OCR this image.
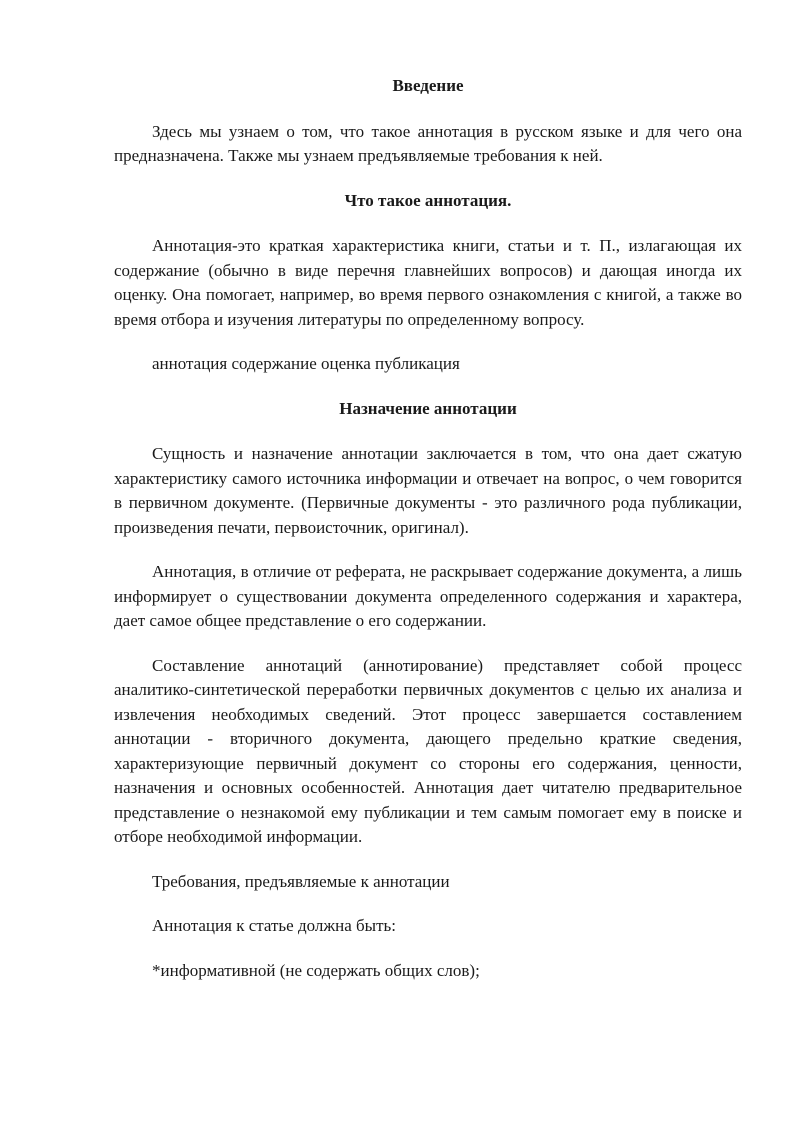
Введение
Здесь мы узнаем о том, что такое аннотация в русском языке и для чего она предназначена. Также мы узнаем предъявляемые требования к ней.
Что такое аннотация.
Аннотация-это краткая характеристика книги, статьи и т. П., излагающая их содержание (обычно в виде перечня главнейших вопросов) и дающая иногда их оценку. Она помогает, например, во время первого ознакомления с книгой, а также во время отбора и изучения литературы по определенному вопросу.
аннотация содержание оценка публикация
Назначение аннотации
Сущность и назначение аннотации заключается в том, что она дает сжатую характеристику самого источника информации и отвечает на вопрос, о чем говорится в первичном документе. (Первичные документы - это различного рода публикации, произведения печати, первоисточник, оригинал).
Аннотация, в отличие от реферата, не раскрывает содержание документа, а лишь информирует о существовании документа определенного содержания и характера, дает самое общее представление о его содержании.
Составление аннотаций (аннотирование) представляет собой процесс аналитико-синтетической переработки первичных документов с целью их анализа и извлечения необходимых сведений. Этот процесс завершается составлением аннотации - вторичного документа, дающего предельно краткие сведения, характеризующие первичный документ со стороны его содержания, ценности, назначения и основных особенностей. Аннотация дает читателю предварительное представление о незнакомой ему публикации и тем самым помогает ему в поиске и отборе необходимой информации.
Требования, предъявляемые к аннотации
Аннотация к статье должна быть:
*информативной (не содержать общих слов);
